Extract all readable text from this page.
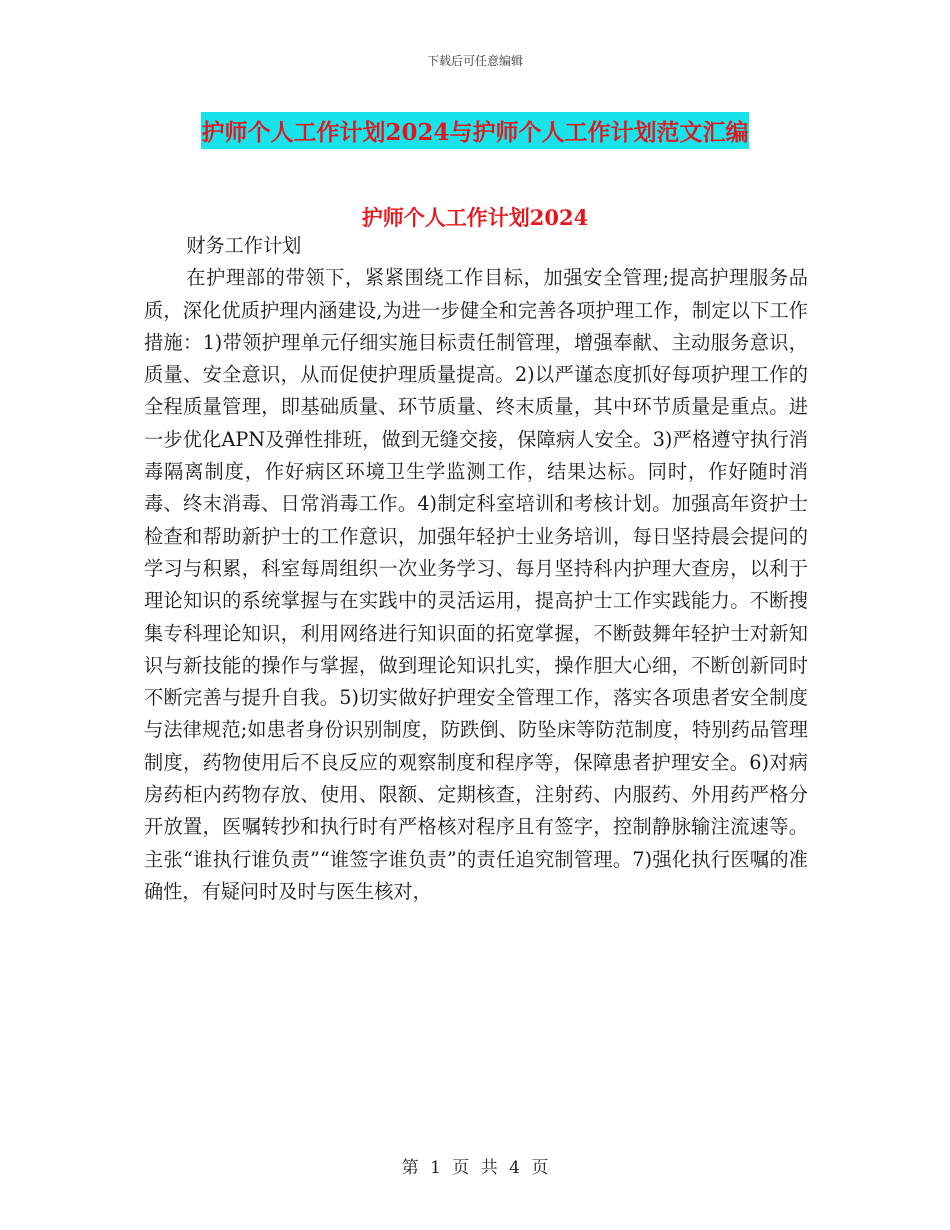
下载后可任意编辑
护师个人工作计划2024与护师个人工作计划范文汇编
护师个人工作计划2024

财务工作计划

在护理部的带领下，紧紧围绕工作目标，加强安全管理;提高护理服务品质，深化优质护理内涵建设,为进一步健全和完善各项护理工作，制定以下工作措施：1)带领护理单元仔细实施目标责任制管理，增强奉献、主动服务意识，质量、安全意识，从而促使护理质量提高。2)以严谨态度抓好每项护理工作的全程质量管理，即基础质量、环节质量、终末质量，其中环节质量是重点。进一步优化APN及弹性排班，做到无缝交接，保障病人安全。3)严格遵守执行消毒隔离制度，作好病区环境卫生学监测工作，结果达标。同时，作好随时消毒、终末消毒、日常消毒工作。4)制定科室培训和考核计划。加强高年资护士检查和帮助新护士的工作意识，加强年轻护士业务培训，每日坚持晨会提问的学习与积累，科室每周组织一次业务学习、每月坚持科内护理大查房，以利于理论知识的系统掌握与在实践中的灵活运用，提高护士工作实践能力。不断搜集专科理论知识，利用网络进行知识面的拓宽掌握，不断鼓舞年轻护士对新知识与新技能的操作与掌握，做到理论知识扎实，操作胆大心细，不断创新同时不断完善与提升自我。5)切实做好护理安全管理工作，落实各项患者安全制度与法律规范;如患者身份识别制度，防跌倒、防坠床等防范制度，特别药品管理制度，药物使用后不良反应的观察制度和程序等，保障患者护理安全。6)对病房药柜内药物存放、使用、限额、定期核查，注射药、内服药、外用药严格分开放置，医嘱转抄和执行时有严格核对程序且有签字，控制静脉输注流速等。主张“谁执行谁负责”“谁签字谁负责”的责任追究制管理。7)强化执行医嘱的准确性，有疑问时及时与医生核对，

第 1 页 共 4 页
